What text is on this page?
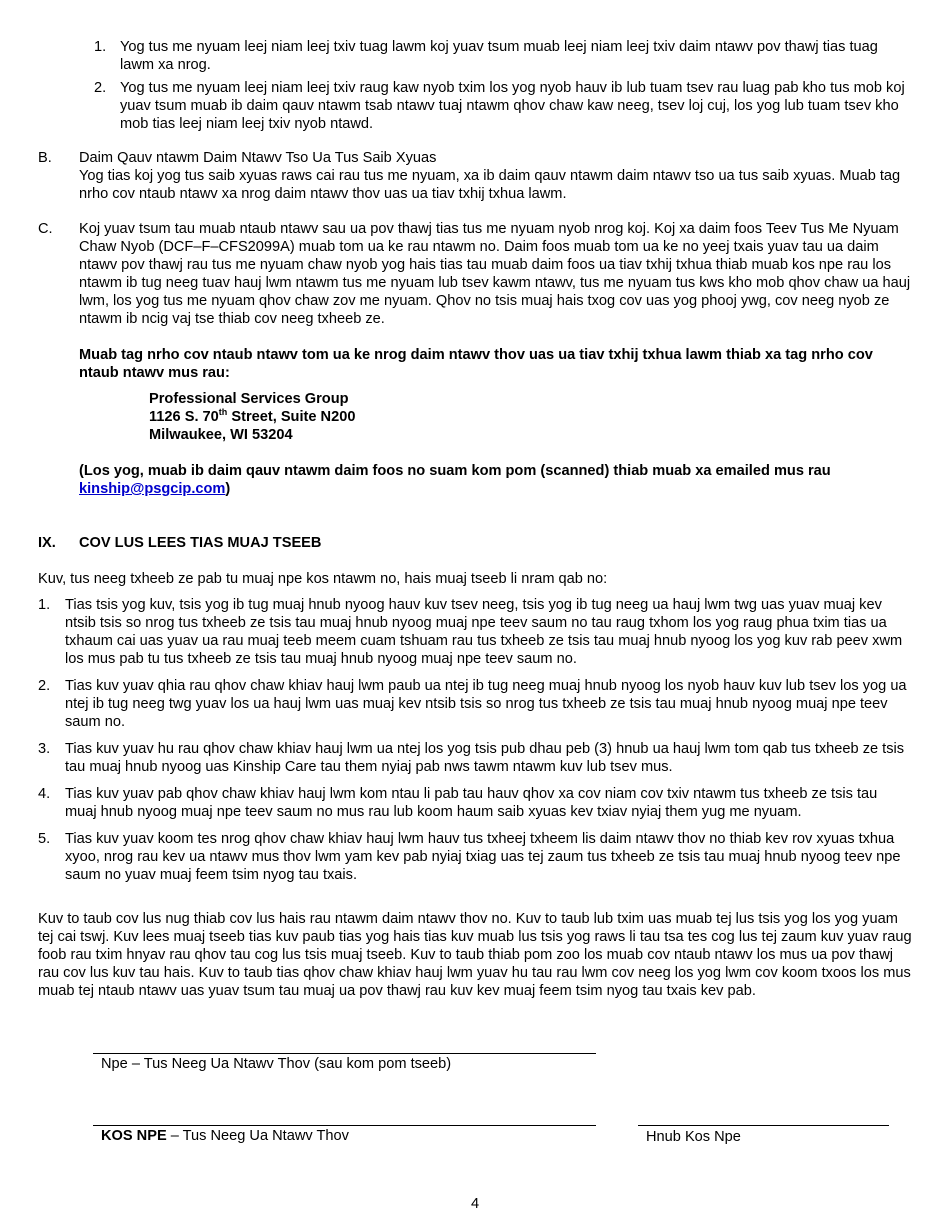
1. Yog tus me nyuam leej niam leej txiv tuag lawm koj yuav tsum muab leej niam leej txiv daim ntawv pov thawj tias tuag lawm xa nrog.
2. Yog tus me nyuam leej niam leej txiv raug kaw nyob txim los yog nyob hauv ib lub tuam tsev rau luag pab kho tus mob koj yuav tsum muab ib daim qauv ntawm tsab ntawv tuaj ntawm qhov chaw kaw neeg, tsev loj cuj, los yog lub tuam tsev kho mob tias leej niam leej txiv nyob ntawd.
B. Daim Qauv ntawm Daim Ntawv Tso Ua Tus Saib Xyuas

Yog tias koj yog tus saib xyuas raws cai rau tus me nyuam, xa ib daim qauv ntawm daim ntawv tso ua tus saib xyuas. Muab tag nrho cov ntaub ntawv xa nrog daim ntawv thov uas ua tiav txhij txhua lawm.

C. Koj yuav tsum tau muab ntaub ntawv sau ua pov thawj tias tus me nyuam nyob nrog koj. Koj xa daim foos Teev Tus Me Nyuam Chaw Nyob (DCF–F–CFS2099A) muab tom ua ke rau ntawm no. Daim foos muab tom ua ke no yeej txais yuav tau ua daim ntawv pov thawj rau tus me nyuam chaw nyob yog hais tias tau muab daim foos ua tiav txhij txhua thiab muab kos npe rau los ntawm ib tug neeg tuav hauj lwm ntawm tus me nyuam lub tsev kawm ntawv, tus me nyuam tus kws kho mob qhov chaw ua hauj lwm, los yog tus me nyuam qhov chaw zov me nyuam. Qhov no tsis muaj hais txog cov uas yog phooj ywg, cov neeg nyob ze ntawm ib ncig vaj tse thiab cov neeg txheeb ze.

Muab tag nrho cov ntaub ntawv tom ua ke nrog daim ntawv thov uas ua tiav txhij txhua lawm thiab xa tag nrho cov ntaub ntawv mus rau:

Professional Services Group
1126 S. 70th Street, Suite N200
Milwaukee, WI 53204
(Los yog, muab ib daim qauv ntawm daim foos no suam kom pom (scanned) thiab muab xa emailed mus rau kinship@psgcip.com)
IX. COV LUS LEES TIAS MUAJ TSEEB

Kuv, tus neeg txheeb ze pab tu muaj npe kos ntawm no, hais muaj tseeb li nram qab no:

1. Tias tsis yog kuv, tsis yog ib tug muaj hnub nyoog hauv kuv tsev neeg, tsis yog ib tug neeg ua hauj lwm twg uas yuav muaj kev ntsib tsis so nrog tus txheeb ze tsis tau muaj hnub nyoog muaj npe teev saum no tau raug txhom los yog raug phua txim tias ua txhaum cai uas yuav ua rau muaj teeb meem cuam tshuam rau tus txheeb ze tsis tau muaj hnub nyoog los yog kuv rab peev xwm los mus pab tu tus txheeb ze tsis tau muaj hnub nyoog muaj npe teev saum no.
2. Tias kuv yuav qhia rau qhov chaw khiav hauj lwm paub ua ntej ib tug neeg muaj hnub nyoog los nyob hauv kuv lub tsev los yog ua ntej ib tug neeg twg yuav los ua hauj lwm uas muaj kev ntsib tsis so nrog tus txheeb ze tsis tau muaj hnub nyoog muaj npe teev saum no.
3. Tias kuv yuav hu rau qhov chaw khiav hauj lwm ua ntej los yog tsis pub dhau peb (3) hnub ua hauj lwm tom qab tus txheeb ze tsis tau muaj hnub nyoog uas Kinship Care tau them nyiaj pab nws tawm ntawm kuv lub tsev mus.
4. Tias kuv yuav pab qhov chaw khiav hauj lwm kom ntau li pab tau hauv qhov xa cov niam cov txiv ntawm tus txheeb ze tsis tau muaj hnub nyoog muaj npe teev saum no mus rau lub koom haum saib xyuas kev txiav nyiaj them yug me nyuam.
5. Tias kuv yuav koom tes nrog qhov chaw khiav hauj lwm hauv tus txheej txheem lis daim ntawv thov no thiab kev rov xyuas txhua xyoo, nrog rau kev ua ntawv mus thov lwm yam kev pab nyiaj txiag uas tej zaum tus txheeb ze tsis tau muaj hnub nyoog teev npe saum no yuav muaj feem tsim nyog tau txais.

Kuv to taub cov lus nug thiab cov lus hais rau ntawm daim ntawv thov no. Kuv to taub lub txim uas muab tej lus tsis yog los yog yuam tej cai tswj. Kuv lees muaj tseeb tias kuv paub tias yog hais tias kuv muab lus tsis yog raws li tau tsa tes cog lus tej zaum kuv yuav raug foob rau txim hnyav rau qhov tau cog lus tsis muaj tseeb. Kuv to taub thiab pom zoo los muab cov ntaub ntawv los mus ua pov thawj rau cov lus kuv tau hais. Kuv to taub tias qhov chaw khiav hauj lwm yuav hu tau rau lwm cov neeg los yog lwm cov koom txoos los mus muab tej ntaub ntawv uas yuav tsum tau muaj ua pov thawj rau kuv kev muaj feem tsim nyog tau txais kev pab.

Npe – Tus Neeg Ua Ntawv Thov (sau kom pom tseeb)
KOS NPE – Tus Neeg Ua Ntawv Thov	Hnub Kos Npe
4
